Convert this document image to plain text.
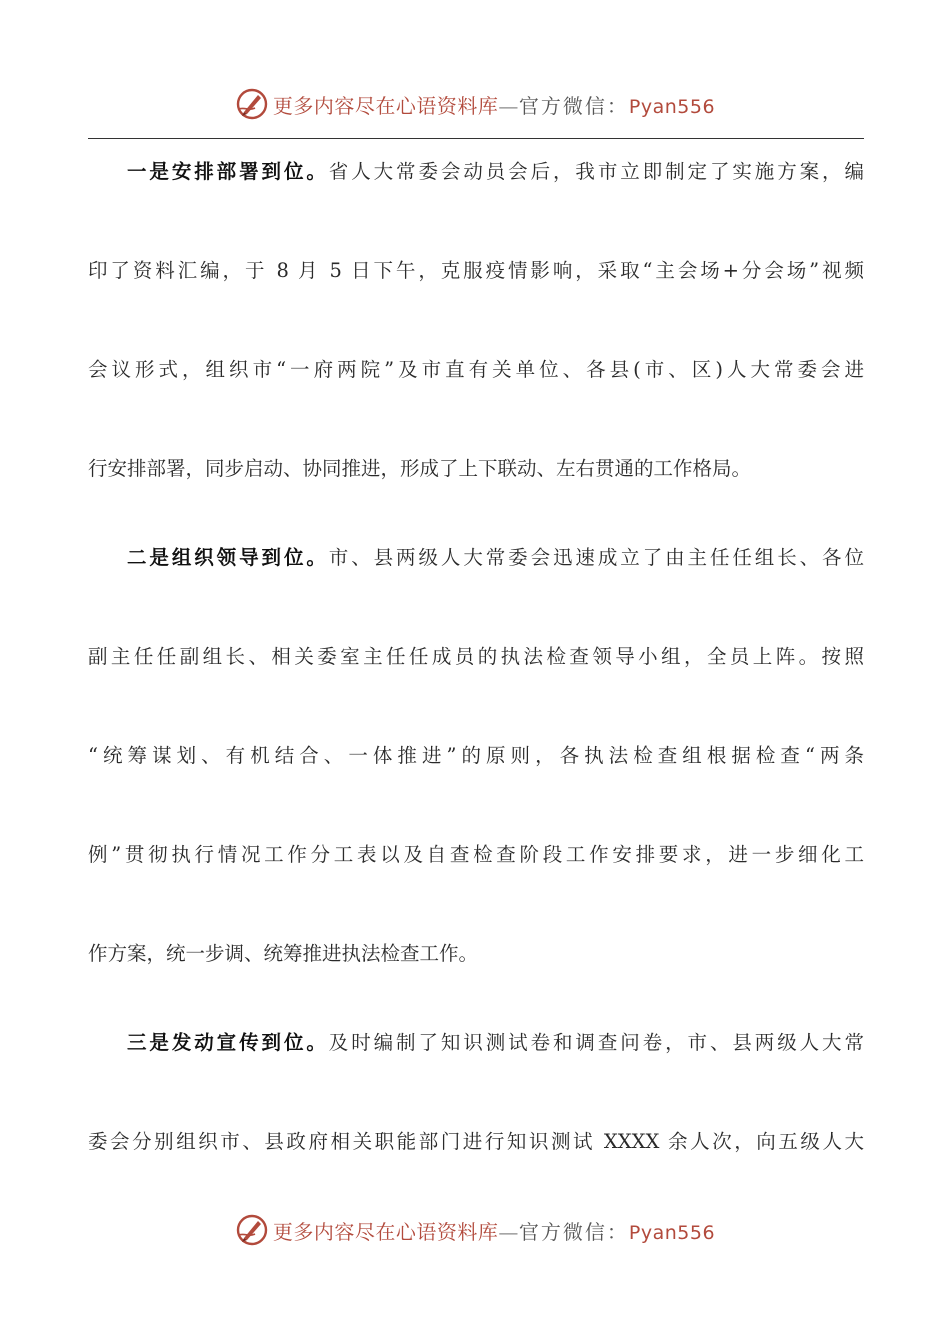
更多内容尽在心语资料库—官方微信：Pyan556
一是安排部署到位。省人大常委会动员会后，我市立即制定了实施方案，编
印了资料汇编，于 8 月 5 日下午，克服疫情影响，采取“主会场+分会场”视频
会议形式，组织市“一府两院”及市直有关单位、各县(市、区)人大常委会进
行安排部署，同步启动、协同推进，形成了上下联动、左右贯通的工作格局。
二是组织领导到位。市、县两级人大常委会迅速成立了由主任任组长、各位
副主任任副组长、相关委室主任任成员的执法检查领导小组，全员上阵。按照
“统筹谋划、有机结合、一体推进”的原则，各执法检查组根据检查“两条
例”贯彻执行情况工作分工表以及自查检查阶段工作安排要求，进一步细化工
作方案，统一步调、统筹推进执法检查工作。
三是发动宣传到位。及时编制了知识测试卷和调查问卷，市、县两级人大常
委会分别组织市、县政府相关职能部门进行知识测试 XXXX 余人次，向五级人大
更多内容尽在心语资料库—官方微信：Pyan556
